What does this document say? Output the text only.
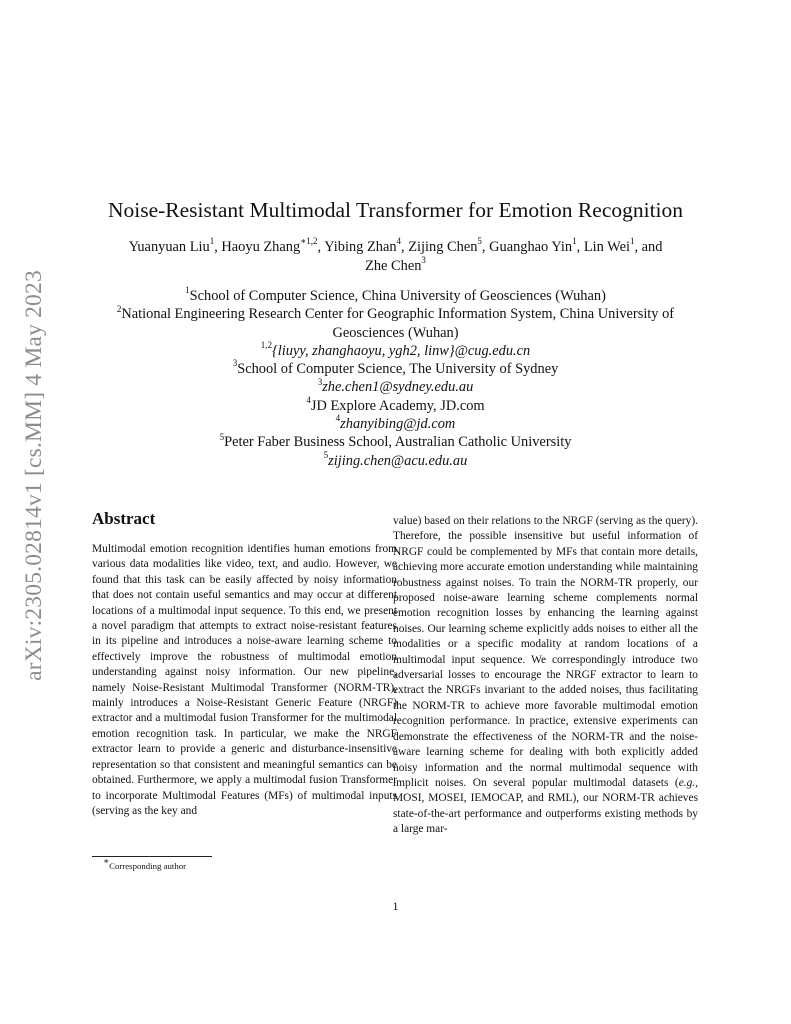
arXiv:2305.02814v1 [cs.MM] 4 May 2023
Noise-Resistant Multimodal Transformer for Emotion Recognition
Yuanyuan Liu$^1$, Haoyu Zhang$^{∗1,2}$, Yibing Zhan$^4$, Zijing Chen$^5$, Guanghao Yin$^1$, Lin Wei$^1$, and
Zhe Chen$^3$
$^1$School of Computer Science, China University of Geosciences (Wuhan)
$^2$National Engineering Research Center for Geographic Information System, China University of Geosciences (Wuhan)
$^{1,2}${liuyy, zhanghaoyu, ygh2, linw}@cug.edu.cn
$^3$School of Computer Science, The University of Sydney
$^3$zhe.chen1@sydney.edu.au
$^4$JD Explore Academy, JD.com
$^4$zhanyibing@jd.com
$^5$Peter Faber Business School, Australian Catholic University
$^5$zijing.chen@acu.edu.au
Abstract
Multimodal emotion recognition identifies human emotions from various data modalities like video, text, and audio. However, we found that this task can be easily affected by noisy information that does not contain useful semantics and may occur at different locations of a multimodal input sequence. To this end, we present a novel paradigm that attempts to extract noise-resistant features in its pipeline and introduces a noise-aware learning scheme to effectively improve the robustness of multimodal emotion understanding against noisy information. Our new pipeline, namely Noise-Resistant Multimodal Transformer (NORM-TR), mainly introduces a Noise-Resistant Generic Feature (NRGF) extractor and a multimodal fusion Transformer for the multimodal emotion recognition task. In particular, we make the NRGF extractor learn to provide a generic and disturbance-insensitive representation so that consistent and meaningful semantics can be obtained. Furthermore, we apply a multimodal fusion Transformer to incorporate Multimodal Features (MFs) of multimodal inputs (serving as the key and
value) based on their relations to the NRGF (serving as the query). Therefore, the possible insensitive but useful information of NRGF could be complemented by MFs that contain more details, achieving more accurate emotion understanding while maintaining robustness against noises. To train the NORM-TR properly, our proposed noise-aware learning scheme complements normal emotion recognition losses by enhancing the learning against noises. Our learning scheme explicitly adds noises to either all the modalities or a specific modality at random locations of a multimodal input sequence. We correspondingly introduce two adversarial losses to encourage the NRGF extractor to learn to extract the NRGFs invariant to the added noises, thus facilitating the NORM-TR to achieve more favorable multimodal emotion recognition performance. In practice, extensive experiments can demonstrate the effectiveness of the NORM-TR and the noise-aware learning scheme for dealing with both explicitly added noisy information and the normal multimodal sequence with implicit noises. On several popular multimodal datasets (e.g., MOSI, MOSEI, IEMOCAP, and RML), our NORM-TR achieves state-of-the-art performance and outperforms existing methods by a large mar-
∗Corresponding author
1
